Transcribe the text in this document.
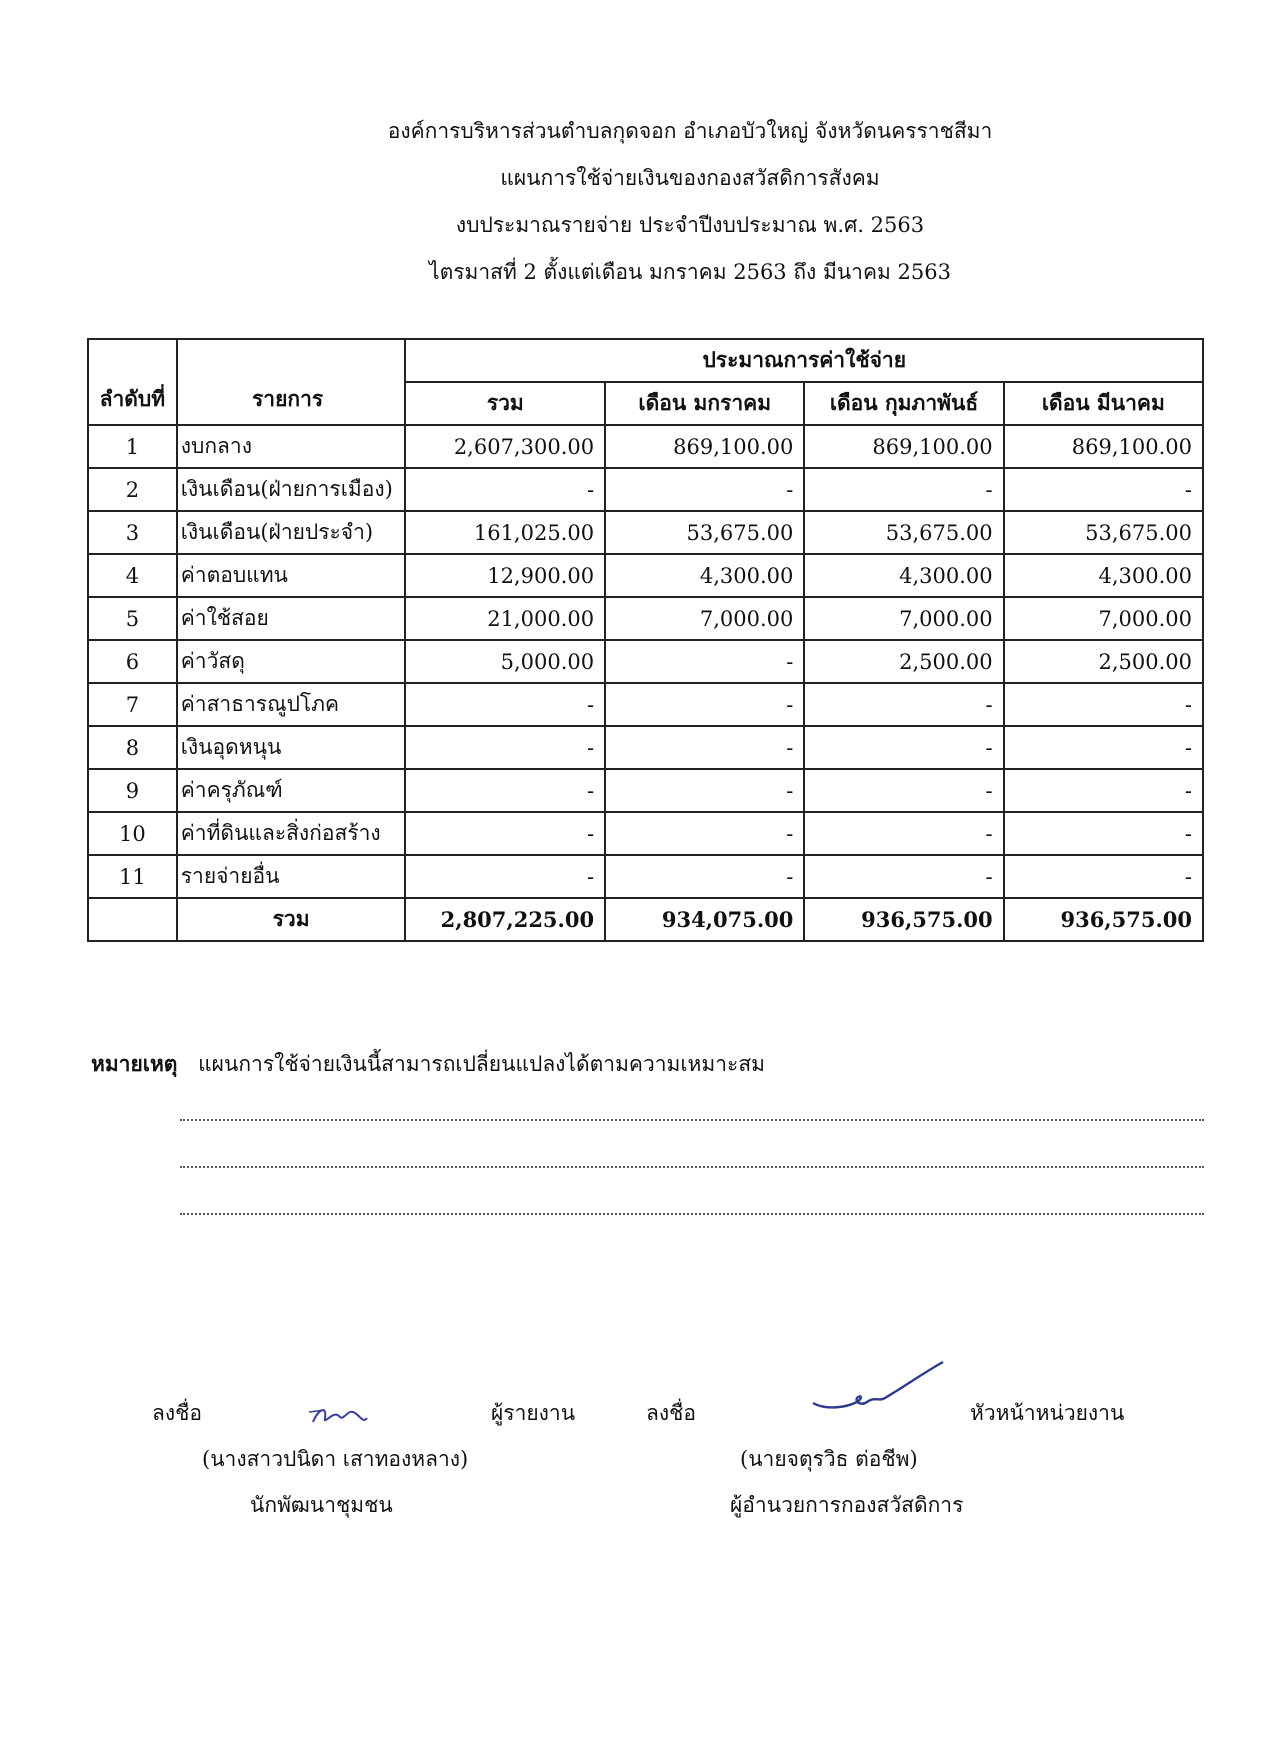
องค์การบริหารส่วนตำบลกุดจอก อำเภอบัวใหญ่ จังหวัดนครราชสีมา
แผนการใช้จ่ายเงินของกองสวัสดิการสังคม
งบประมาณรายจ่าย ประจำปีงบประมาณ พ.ศ. 2563
ไตรมาสที่ 2 ตั้งแต่เดือน มกราคม 2563 ถึง มีนาคม 2563
ลำดับที่	รายการ	ประมาณการค่าใช้จ่าย			
		รวม	เดือน มกราคม	เดือน กุมภาพันธ์	เดือน มีนาคม
1	งบกลาง	2,607,300.00	869,100.00	869,100.00	869,100.00
2	เงินเดือน(ฝ่ายการเมือง)	-	-	-	-
3	เงินเดือน(ฝ่ายประจำ)	161,025.00	53,675.00	53,675.00	53,675.00
4	ค่าตอบแทน	12,900.00	4,300.00	4,300.00	4,300.00
5	ค่าใช้สอย	21,000.00	7,000.00	7,000.00	7,000.00
6	ค่าวัสดุ	5,000.00	-	2,500.00	2,500.00
7	ค่าสาธารณูปโภค	-	-	-	-
8	เงินอุดหนุน	-	-	-	-
9	ค่าครุภัณฑ์	-	-	-	-
10	ค่าที่ดินและสิ่งก่อสร้าง	-	-	-	-
11	รายจ่ายอื่น	-	-	-	-
	รวม	2,807,225.00	934,075.00	936,575.00	936,575.00
หมายเหตุ แผนการใช้จ่ายเงินนี้สามารถเปลี่ยนแปลงได้ตามความเหมาะสม
ลงชื่อ	ผู้รายงาน
(นางสาวปนิดา เสาทองหลาง)
นักพัฒนาชุมชน
ลงชื่อ	หัวหน้าหน่วยงาน
(นายจตุรวิธ ต่อชีพ)
ผู้อำนวยการกองสวัสดิการ
